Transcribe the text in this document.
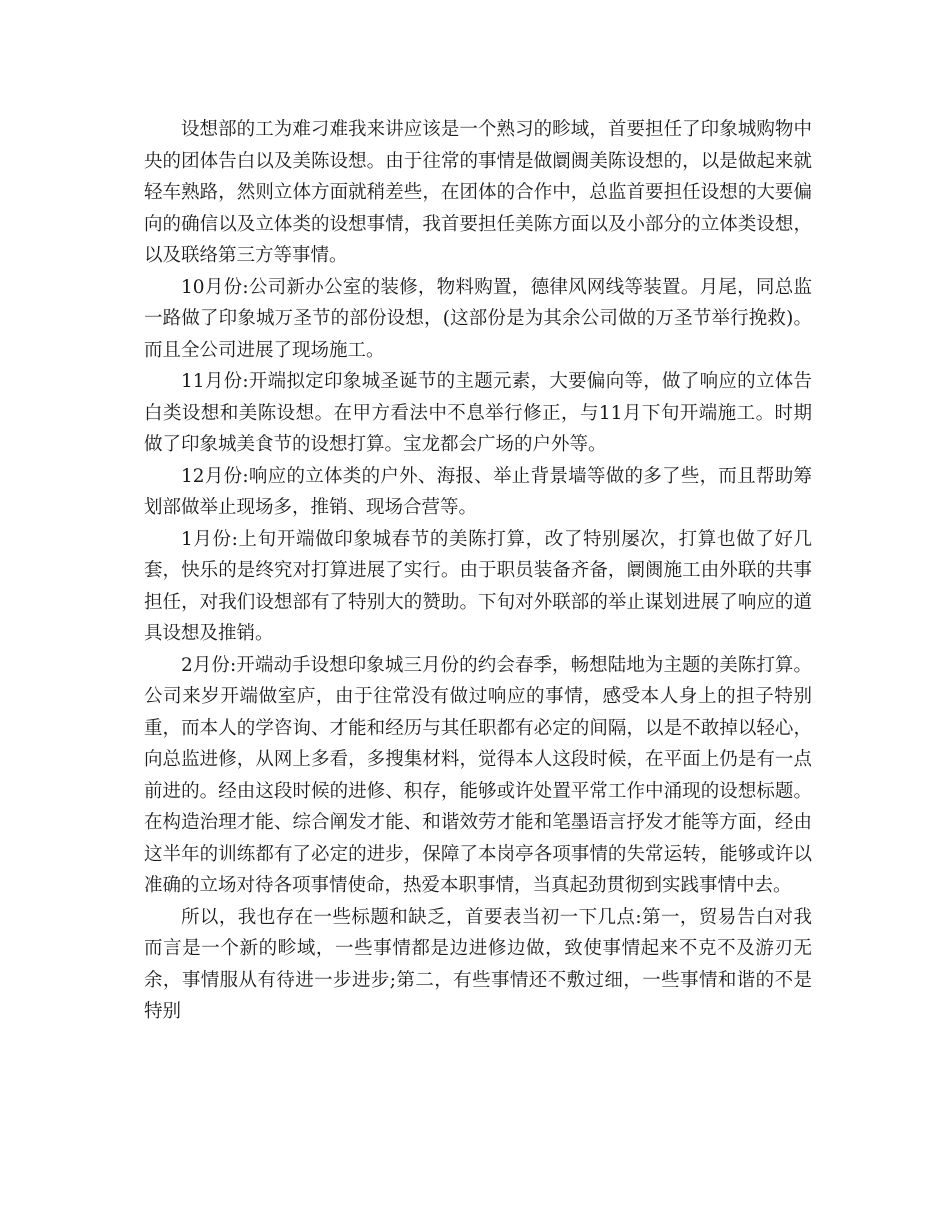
设想部的工为难刁难我来讲应该是一个熟习的畛域，首要担任了印象城购物中央的团体告白以及美陈设想。由于往常的事情是做阛阓美陈设想的，以是做起来就轻车熟路，然则立体方面就稍差些，在团体的合作中，总监首要担任设想的大要偏向的确信以及立体类的设想事情，我首要担任美陈方面以及小部分的立体类设想，以及联络第三方等事情。

10月份:公司新办公室的装修，物料购置，德律风网线等装置。月尾，同总监一路做了印象城万圣节的部份设想，(这部份是为其余公司做的万圣节举行挽救)。而且全公司进展了现场施工。

11月份:开端拟定印象城圣诞节的主题元素，大要偏向等，做了响应的立体告白类设想和美陈设想。在甲方看法中不息举行修正，与11月下旬开端施工。时期做了印象城美食节的设想打算。宝龙都会广场的户外等。

12月份:响应的立体类的户外、海报、举止背景墙等做的多了些，而且帮助筹划部做举止现场多，推销、现场合营等。

1月份:上旬开端做印象城春节的美陈打算，改了特别屡次，打算也做了好几套，快乐的是终究对打算进展了实行。由于职员装备齐备，阛阓施工由外联的共事担任，对我们设想部有了特别大的赞助。下旬对外联部的举止谋划进展了响应的道具设想及推销。

2月份:开端动手设想印象城三月份的约会春季，畅想陆地为主题的美陈打算。公司来岁开端做室庐，由于往常没有做过响应的事情，感受本人身上的担子特别重，而本人的学咨询、才能和经历与其任职都有必定的间隔，以是不敢掉以轻心，向总监进修，从网上多看，多搜集材料，觉得本人这段时候，在平面上仍是有一点前进的。经由这段时候的进修、积存，能够或许处置平常工作中涌现的设想标题。在构造治理才能、综合阐发才能、和谐效劳才能和笔墨语言抒发才能等方面，经由这半年的训练都有了必定的进步，保障了本岗亭各项事情的失常运转，能够或许以准确的立场对待各项事情使命，热爱本职事情，当真起劲贯彻到实践事情中去。

所以，我也存在一些标题和缺乏，首要表当初一下几点:第一，贸易告白对我而言是一个新的畛域，一些事情都是边进修边做，致使事情起来不克不及游刃无余，事情服从有待进一步进步;第二，有些事情还不敷过细，一些事情和谐的不是特别
